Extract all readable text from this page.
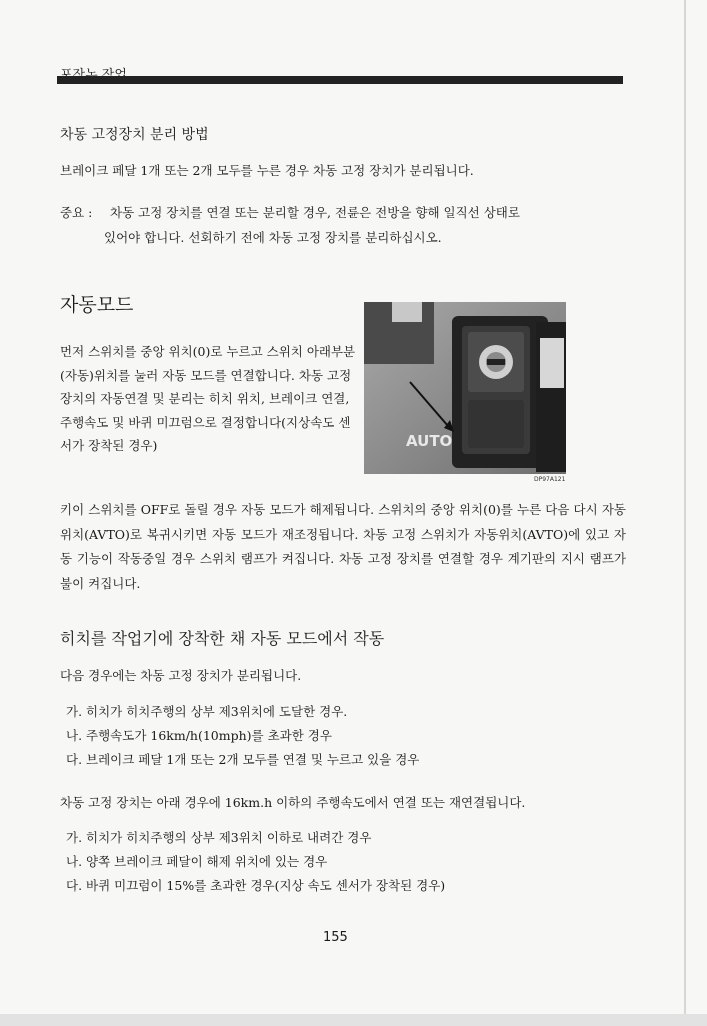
차동 고정장치 분리 방법
브레이크 페달 1개 또는 2개 모두를 누른 경우 차동 고정 장치가 분리됩니다.
중요 : 차동 고정 장치를 연결 또는 분리할 경우, 전륜은 전방을 향해 일직선 상태로
있어야 합니다. 선회하기 전에 차동 고정 장치를 분리하십시오.
자동모드
먼저 스위치를 중앙 위치(0)로 누르고 스위치 아래부분 (자동)위치를 눌러 자동 모드를 연결합니다. 차동 고정 장치의 자동연결 및 분리는 히치 위치, 브레이크 연결, 주행속도 및 바퀴 미끄럼으로 결정합니다(지상속도 센서가 장착된 경우)	AUTO
DP97A121
키이 스위치를 OFF로 돌릴 경우 자동 모드가 해제됩니다. 스위치의 중앙 위치(0)를 누른 다음 다시 자동위치(AVTO)로 복귀시키면 자동 모드가 재조정됩니다. 차동 고정 스위치가 자동위치(AVTO)에 있고 자동 기능이 작동중일 경우 스위치 램프가 켜집니다. 차동 고정 장치를 연결할 경우 계기판의 지시 램프가 불이 켜집니다.
히치를 작업기에 장착한 채 자동 모드에서 작동
다음 경우에는 차동 고정 장치가 분리됩니다.
가. 히치가 히치주행의 상부 제3위치에 도달한 경우.
나. 주행속도가 16km/h(10mph)를 초과한 경우
다. 브레이크 페달 1개 또는 2개 모두를 연결 및 누르고 있을 경우
차동 고정 장치는 아래 경우에 16km.h 이하의 주행속도에서 연결 또는 재연결됩니다.
가. 히치가 히치주행의 상부 제3위치 이하로 내려간 경우
나. 양쪽 브레이크 페달이 해제 위치에 있는 경우
다. 바퀴 미끄럼이 15%를 초과한 경우(지상 속도 센서가 장착된 경우)
155
